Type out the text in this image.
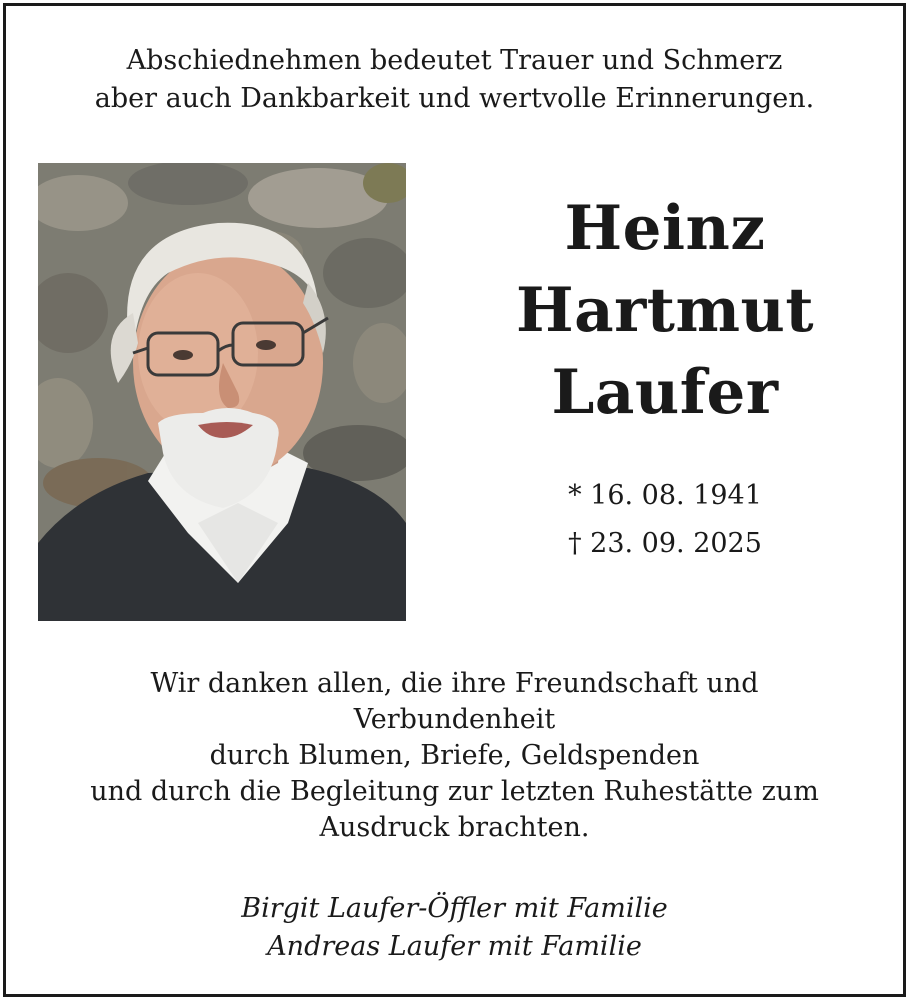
Abschiednehmen bedeutet Trauer und Schmerz
aber auch Dankbarkeit und wertvolle Erinnerungen.
Heinz
Hartmut
Laufer
* 16. 08. 1941
† 23. 09. 2025
Wir danken allen, die ihre Freundschaft und
Verbundenheit
durch Blumen, Briefe, Geldspenden
und durch die Begleitung zur letzten Ruhestätte zum
Ausdruck brachten.
Birgit Laufer-Öffler mit Familie
Andreas Laufer mit Familie
